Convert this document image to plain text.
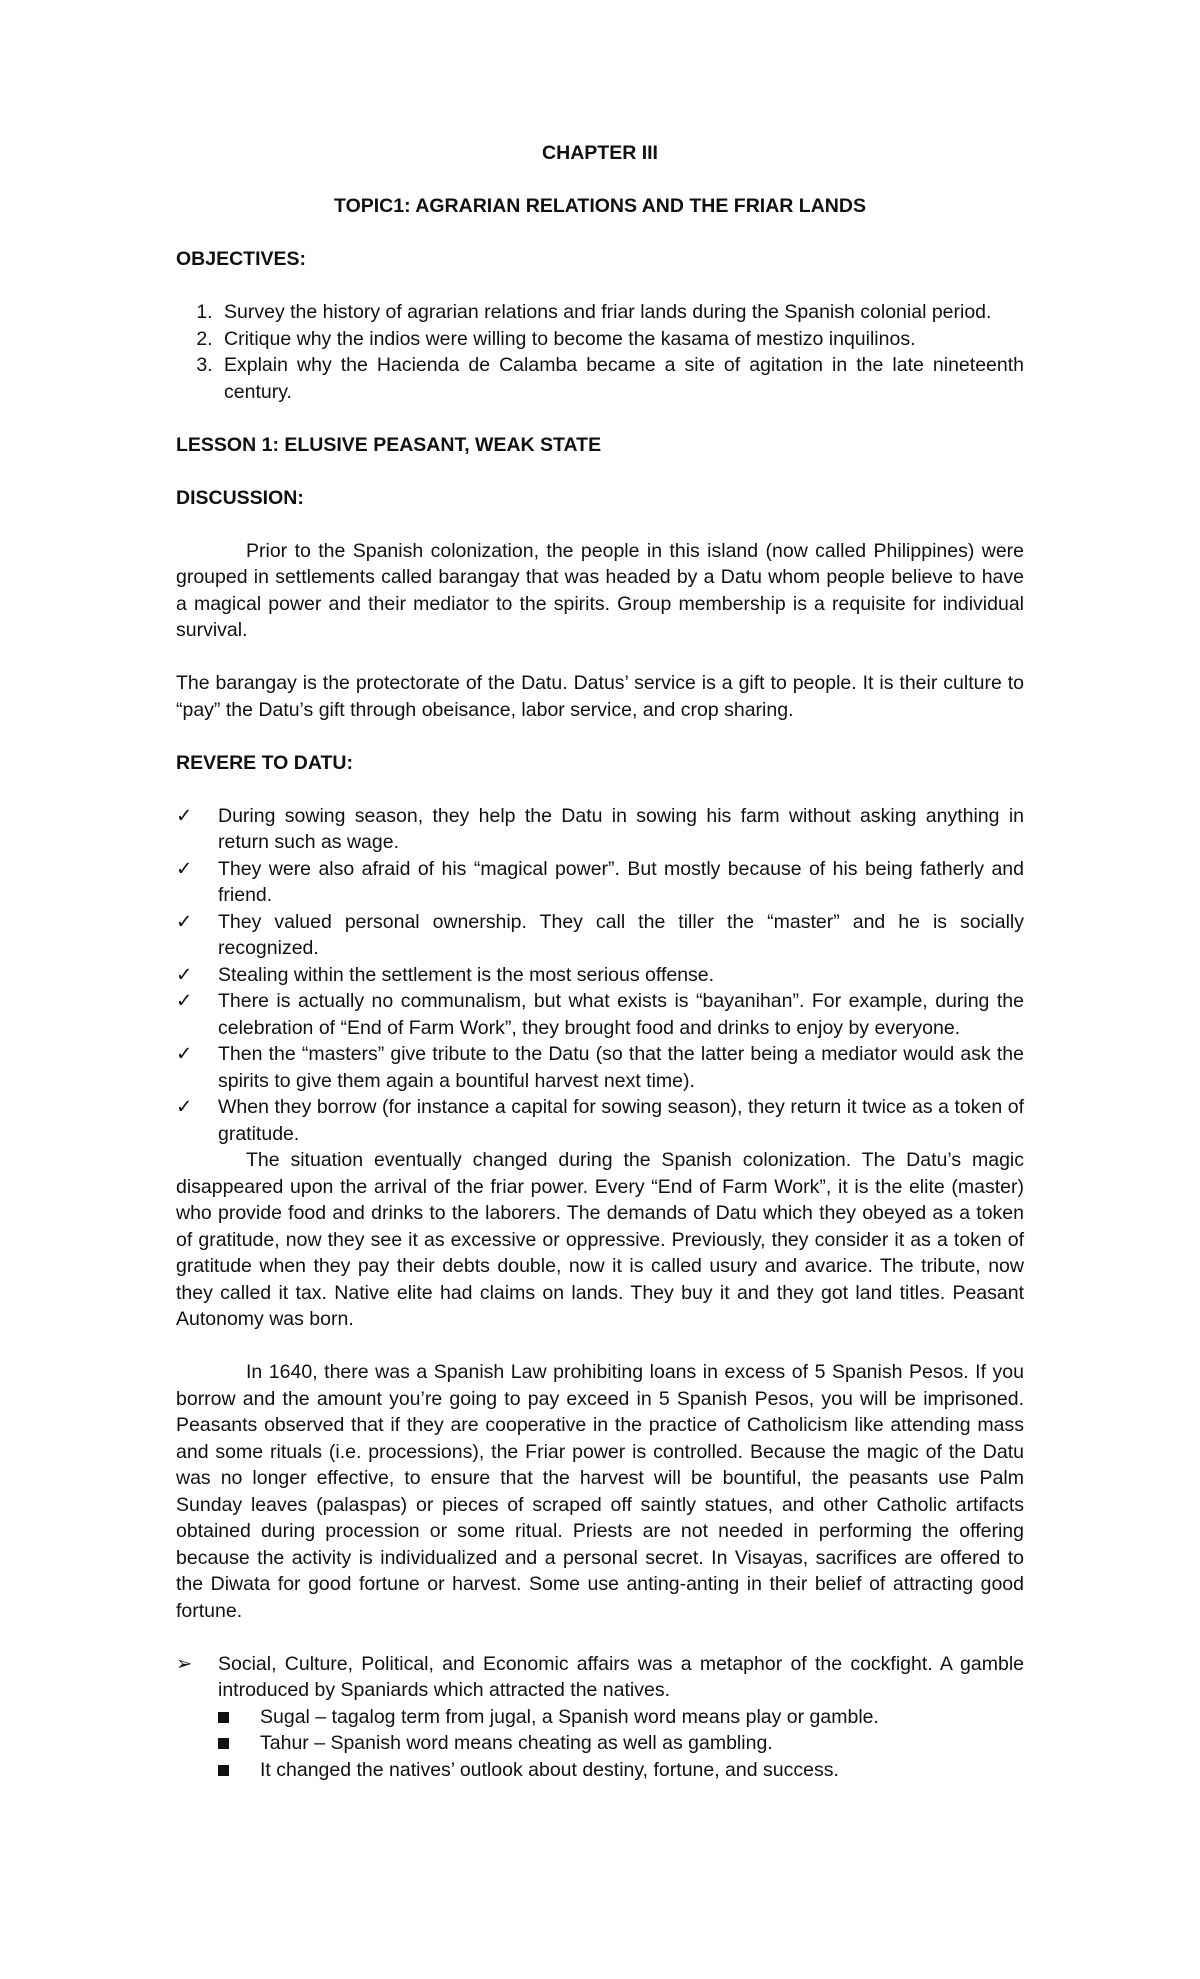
CHAPTER III
TOPIC1: AGRARIAN RELATIONS AND THE FRIAR LANDS
OBJECTIVES:
1. Survey the history of agrarian relations and friar lands during the Spanish colonial period.
2. Critique why the indios were willing to become the kasama of mestizo inquilinos.
3. Explain why the Hacienda de Calamba became a site of agitation in the late nineteenth century.
LESSON 1: ELUSIVE PEASANT, WEAK STATE
DISCUSSION:

Prior to the Spanish colonization, the people in this island (now called Philippines) were grouped in settlements called barangay that was headed by a Datu whom people believe to have a magical power and their mediator to the spirits. Group membership is a requisite for individual survival.

The barangay is the protectorate of the Datu. Datus’ service is a gift to people. It is their culture to “pay” the Datu’s gift through obeisance, labor service, and crop sharing.

REVERE TO DATU:
✓ During sowing season, they help the Datu in sowing his farm without asking anything in return such as wage.
✓ They were also afraid of his “magical power”. But mostly because of his being fatherly and friend.
✓ They valued personal ownership. They call the tiller the “master” and he is socially recognized.
✓ Stealing within the settlement is the most serious offense.
✓ There is actually no communalism, but what exists is “bayanihan”. For example, during the celebration of “End of Farm Work”, they brought food and drinks to enjoy by everyone.
✓ Then the “masters” give tribute to the Datu (so that the latter being a mediator would ask the spirits to give them again a bountiful harvest next time).
✓ When they borrow (for instance a capital for sowing season), they return it twice as a token of gratitude.

The situation eventually changed during the Spanish colonization. The Datu’s magic disappeared upon the arrival of the friar power. Every “End of Farm Work”, it is the elite (master) who provide food and drinks to the laborers. The demands of Datu which they obeyed as a token of gratitude, now they see it as excessive or oppressive. Previously, they consider it as a token of gratitude when they pay their debts double, now it is called usury and avarice. The tribute, now they called it tax. Native elite had claims on lands. They buy it and they got land titles. Peasant Autonomy was born.

In 1640, there was a Spanish Law prohibiting loans in excess of 5 Spanish Pesos. If you borrow and the amount you’re going to pay exceed in 5 Spanish Pesos, you will be imprisoned. Peasants observed that if they are cooperative in the practice of Catholicism like attending mass and some rituals (i.e. processions), the Friar power is controlled. Because the magic of the Datu was no longer effective, to ensure that the harvest will be bountiful, the peasants use Palm Sunday leaves (palaspas) or pieces of scraped off saintly statues, and other Catholic artifacts obtained during procession or some ritual. Priests are not needed in performing the offering because the activity is individualized and a personal secret. In Visayas, sacrifices are offered to the Diwata for good fortune or harvest. Some use anting-anting in their belief of attracting good fortune.

➢ Social, Culture, Political, and Economic affairs was a metaphor of the cockfight. A gamble introduced by Spaniards which attracted the natives.
Sugal – tagalog term from jugal, a Spanish word means play or gamble.
Tahur – Spanish word means cheating as well as gambling.
It changed the natives’ outlook about destiny, fortune, and success.
